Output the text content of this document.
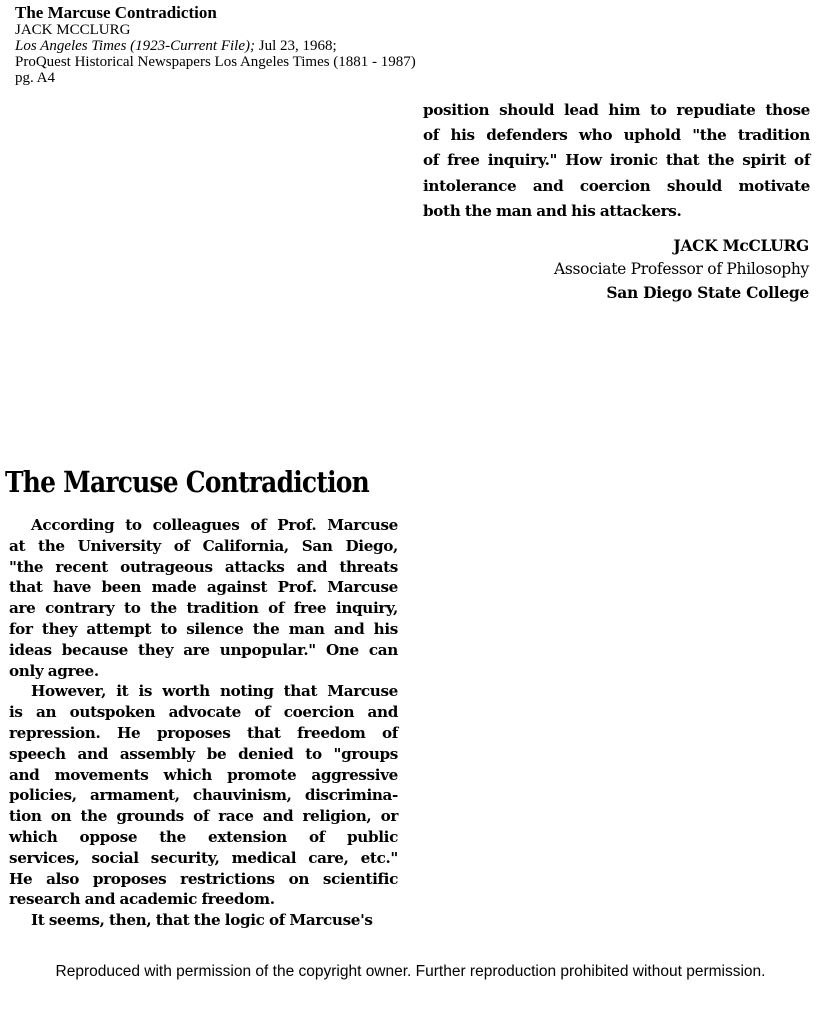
The Marcuse Contradiction
JACK MCCLURG
Los Angeles Times (1923-Current File); Jul 23, 1968;
ProQuest Historical Newspapers Los Angeles Times (1881 - 1987)
pg. A4
position should lead him to repudiate those
of his defenders who uphold "the tradition
of free inquiry." How ironic that the spirit of
intolerance and coercion should motivate
both the man and his attackers.
JACK McCLURG
Associate Professor of Philosophy
San Diego State College
The Marcuse Contradiction
According to colleagues of Prof. Marcuse
at the University of California, San Diego,
"the recent outrageous attacks and threats
that have been made against Prof. Marcuse
are contrary to the tradition of free inquiry,
for they attempt to silence the man and his
ideas because they are unpopular." One can
only agree.
However, it is worth noting that Marcuse
is an outspoken advocate of coercion and
repression. He proposes that freedom of
speech and assembly be denied to "groups
and movements which promote aggressive
policies, armament, chauvinism, discrimina-
tion on the grounds of race and religion, or
which oppose the extension of public
services, social security, medical care, etc."
He also proposes restrictions on scientific
research and academic freedom.
It seems, then, that the logic of Marcuse's
Reproduced with permission of the copyright owner. Further reproduction prohibited without permission.
